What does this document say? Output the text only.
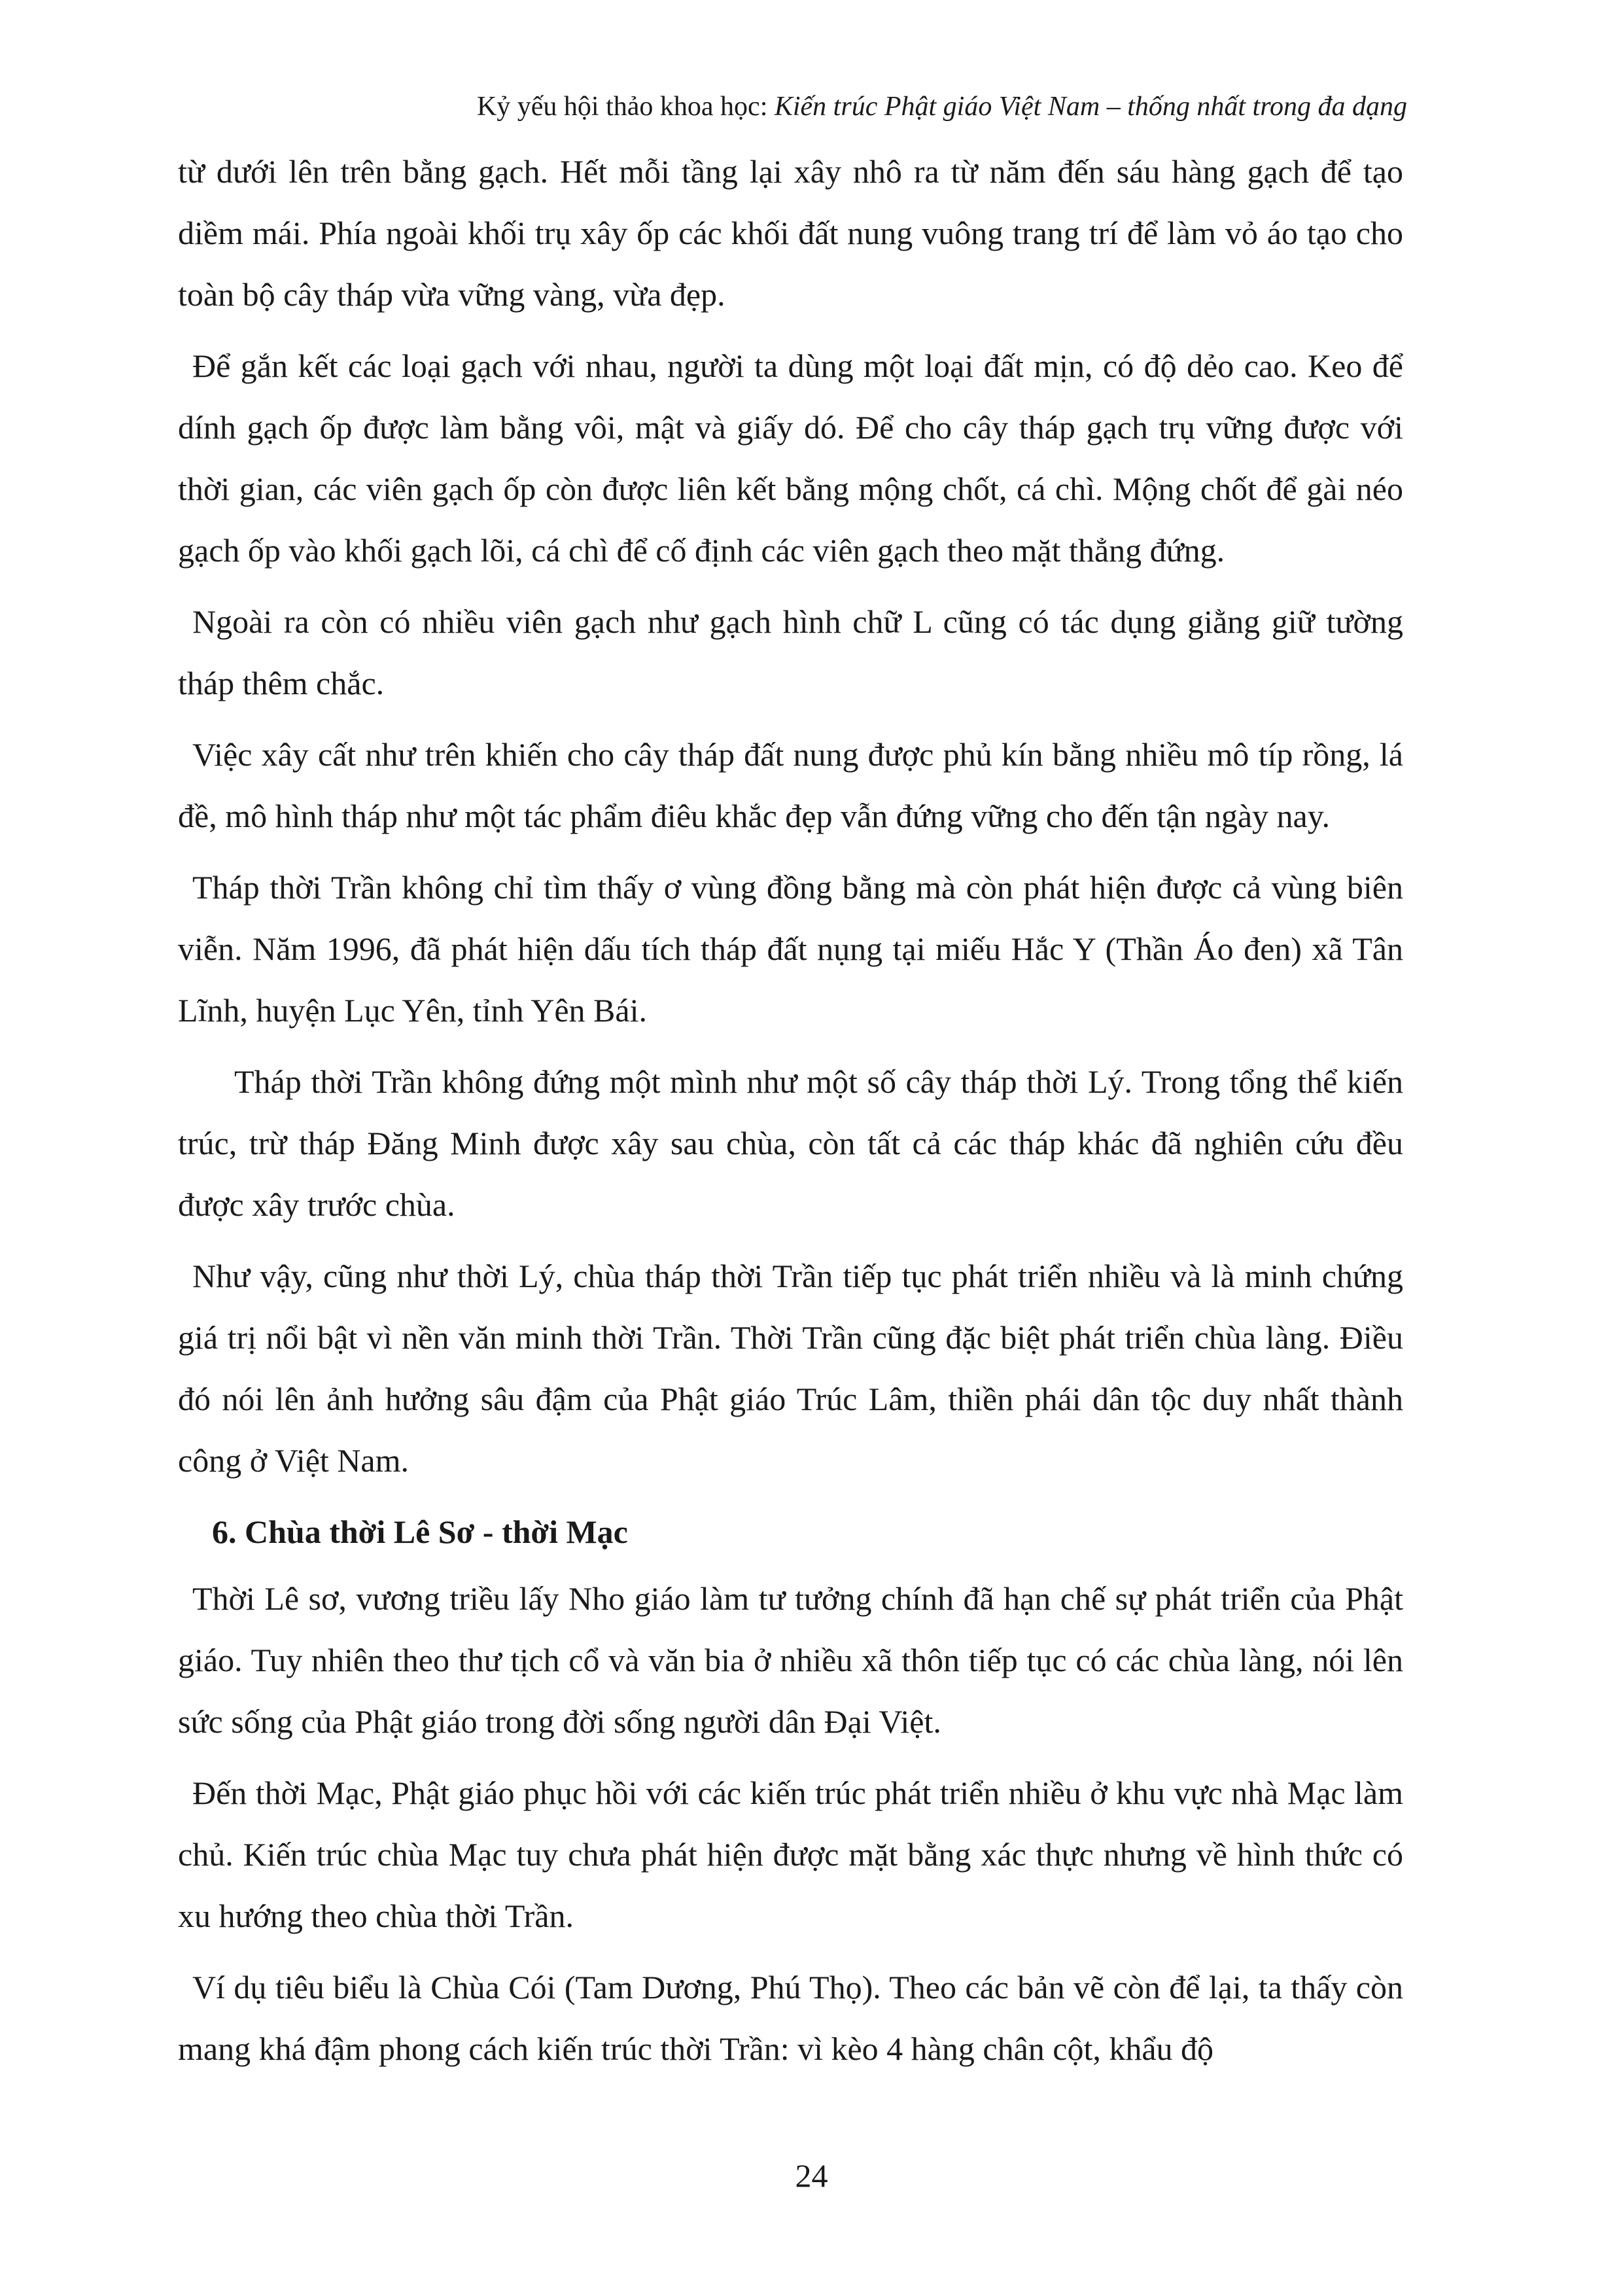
Kỷ yếu hội thảo khoa học: Kiến trúc Phật giáo Việt Nam – thống nhất trong đa dạng

từ dưới lên trên bằng gạch. Hết mỗi tầng lại xây nhô ra từ năm đến sáu hàng gạch để tạo diềm mái. Phía ngoài khối trụ xây ốp các khối đất nung vuông trang trí để làm vỏ áo tạo cho toàn bộ cây tháp vừa vững vàng, vừa đẹp.

Để gắn kết các loại gạch với nhau, người ta dùng một loại đất mịn, có độ dẻo cao. Keo để dính gạch ốp được làm bằng vôi, mật và giấy dó. Để cho cây tháp gạch trụ vững được với thời gian, các viên gạch ốp còn được liên kết bằng mộng chốt, cá chì. Mộng chốt để gài néo gạch ốp vào khối gạch lõi, cá chì để cố định các viên gạch theo mặt thẳng đứng.

Ngoài ra còn có nhiều viên gạch như gạch hình chữ L cũng có tác dụng giằng giữ tường tháp thêm chắc.

Việc xây cất như trên khiến cho cây tháp đất nung được phủ kín bằng nhiều mô típ rồng, lá đề, mô hình tháp như một tác phẩm điêu khắc đẹp vẫn đứng vững cho đến tận ngày nay.

Tháp thời Trần không chỉ tìm thấy ơ vùng đồng bằng mà còn phát hiện được cả vùng biên viễn. Năm 1996, đã phát hiện dấu tích tháp đất nụng tại miếu Hắc Y (Thần Áo đen) xã Tân Lĩnh, huyện Lục Yên, tỉnh Yên Bái.

Tháp thời Trần không đứng một mình như một số cây tháp thời Lý. Trong tổng thể kiến trúc, trừ tháp Đăng Minh được xây sau chùa, còn tất cả các tháp khác đã nghiên cứu đều được xây trước chùa.

Như vậy, cũng như thời Lý, chùa tháp thời Trần tiếp tục phát triển nhiều và là minh chứng giá trị nổi bật vì nền văn minh thời Trần. Thời Trần cũng đặc biệt phát triển chùa làng. Điều đó nói lên ảnh hưởng sâu đậm của Phật giáo Trúc Lâm, thiền phái dân tộc duy nhất thành công ở Việt Nam.

6. Chùa thời Lê Sơ - thời Mạc

Thời Lê sơ, vương triều lấy Nho giáo làm tư tưởng chính đã hạn chế sự phát triển của Phật giáo. Tuy nhiên theo thư tịch cổ và văn bia ở nhiều xã thôn tiếp tục có các chùa làng, nói lên sức sống của Phật giáo trong đời sống người dân Đại Việt.

Đến thời Mạc, Phật giáo phục hồi với các kiến trúc phát triển nhiều ở khu vực nhà Mạc làm chủ. Kiến trúc chùa Mạc tuy chưa phát hiện được mặt bằng xác thực nhưng về hình thức có xu hướng theo chùa thời Trần.

Ví dụ tiêu biểu là Chùa Cói (Tam Dương, Phú Thọ). Theo các bản vẽ còn để lại, ta thấy còn mang khá đậm phong cách kiến trúc thời Trần: vì kèo 4 hàng chân cột, khẩu độ

24
